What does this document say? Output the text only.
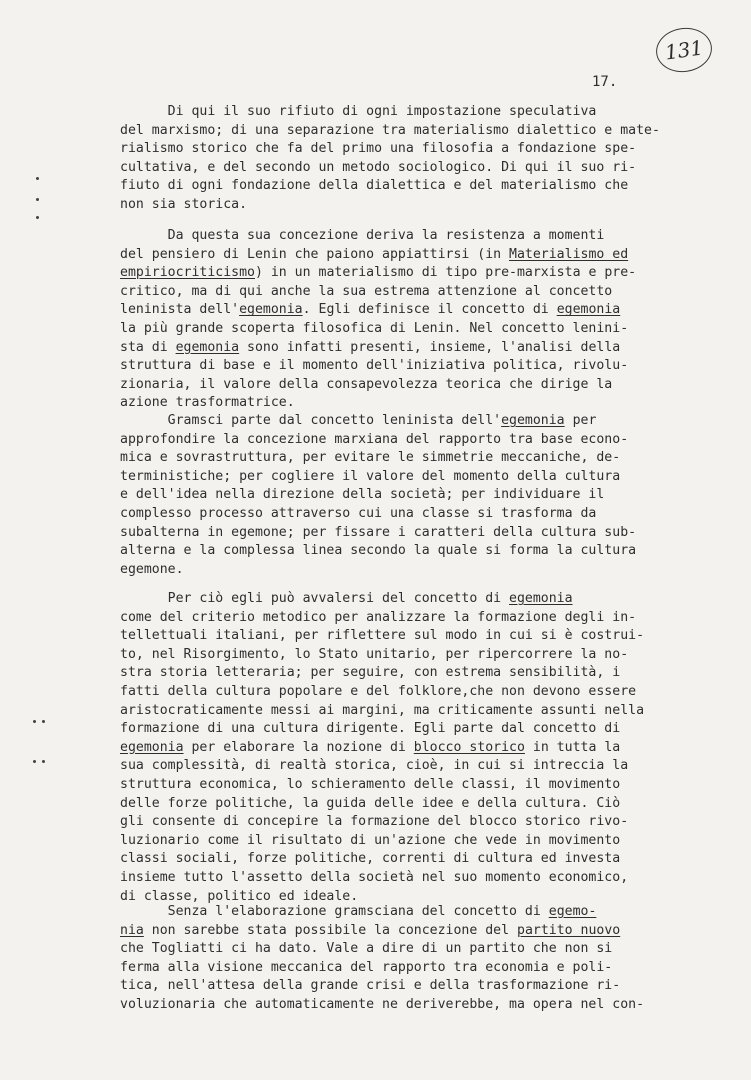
131
17.
Di qui il suo rifiuto di ogni impostazione speculativa
del marxismo; di una separazione tra materialismo dialettico e mate-
rialismo storico che fa del primo una filosofia a fondazione spe-
cultativa, e del secondo un metodo sociologico. Di qui il suo ri-
fiuto di ogni fondazione della dialettica e del materialismo che
non sia storica.
Da questa sua concezione deriva la resistenza a momenti
del pensiero di Lenin che paiono appiattirsi (in Materialismo ed
empiriocriticismo) in un materialismo di tipo pre-marxista e pre-
critico, ma di qui anche la sua estrema attenzione al concetto
leninista dell'egemonia. Egli definisce il concetto di egemonia
la più grande scoperta filosofica di Lenin. Nel concetto lenini-
sta di egemonia sono infatti presenti, insieme, l'analisi della
struttura di base e il momento dell'iniziativa politica, rivolu-
zionaria, il valore della consapevolezza teorica che dirige la
azione trasformatrice.
Gramsci parte dal concetto leninista dell'egemonia per
approfondire la concezione marxiana del rapporto tra base econo-
mica e sovrastruttura, per evitare le simmetrie meccaniche, de-
terministiche; per cogliere il valore del momento della cultura
e dell'idea nella direzione della società; per individuare il
complesso processo attraverso cui una classe si trasforma da
subalterna in egemone; per fissare i caratteri della cultura sub-
alterna e la complessa linea secondo la quale si forma la cultura
egemone.
Per ciò egli può avvalersi del concetto di egemonia
come del criterio metodico per analizzare la formazione degli in-
tellettuali italiani, per riflettere sul modo in cui si è costrui-
to, nel Risorgimento, lo Stato unitario, per ripercorrere la no-
stra storia letteraria; per seguire, con estrema sensibilità, i
fatti della cultura popolare e del folklore,che non devono essere
aristocraticamente messi ai margini, ma criticamente assunti nella
formazione di una cultura dirigente. Egli parte dal concetto di
egemonia per elaborare la nozione di blocco storico in tutta la
sua complessità, di realtà storica, cioè, in cui si intreccia la
struttura economica, lo schieramento delle classi, il movimento
delle forze politiche, la guida delle idee e della cultura. Ciò
gli consente di concepire la formazione del blocco storico rivo-
luzionario come il risultato di un'azione che vede in movimento
classi sociali, forze politiche, correnti di cultura ed investa
insieme tutto l'assetto della società nel suo momento economico,
di classe, politico ed ideale.
Senza l'elaborazione gramsciana del concetto di egemo-
nia non sarebbe stata possibile la concezione del partito nuovo
che Togliatti ci ha dato. Vale a dire di un partito che non si
ferma alla visione meccanica del rapporto tra economia e poli-
tica, nell'attesa della grande crisi e della trasformazione ri-
voluzionaria che automaticamente ne deriverebbe, ma opera nel con-
